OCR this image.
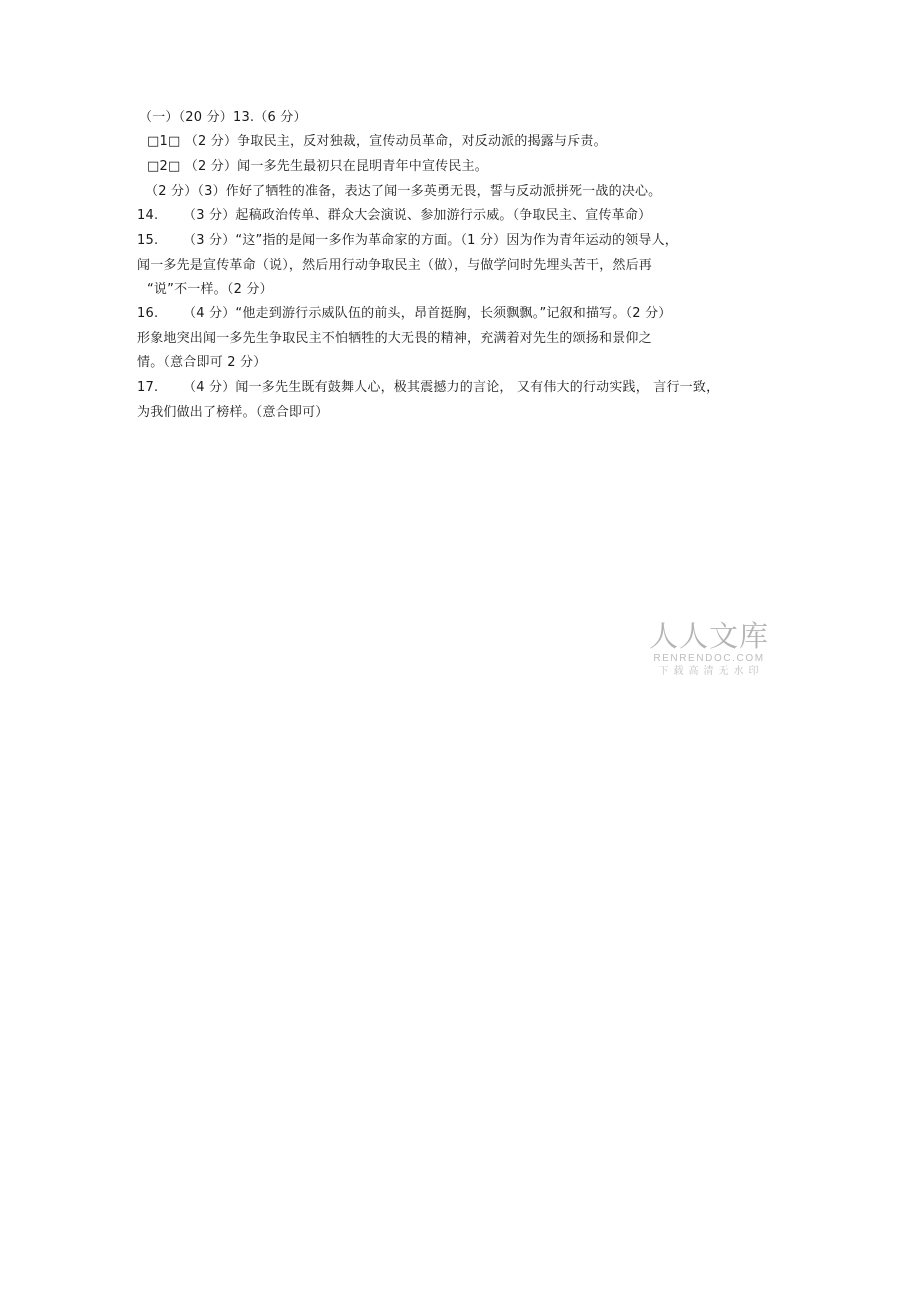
（一）（20 分）13.（6 分）
□1□ （2 分）争取民主，反对独裁，宣传动员革命，对反动派的揭露与斥责。
□2□ （2 分）闻一多先生最初只在昆明青年中宣传民主。
（2 分）（3）作好了牺牲的准备，表达了闻一多英勇无畏，誓与反动派拼死一战的决心。
14. （3 分）起稿政治传单、群众大会演说、参加游行示威。（争取民主、宣传革命）
15. （3 分）“这”指的是闻一多作为革命家的方面。（1 分）因为作为青年运动的领导人，
闻一多先是宣传革命（说），然后用行动争取民主（做），与做学问时先埋头苦干，然后再
“说”不一样。（2 分）
16. （4 分）“他走到游行示威队伍的前头，昂首挺胸，长须飘飘。”记叙和描写。（2 分）
形象地突出闻一多先生争取民主不怕牺牲的大无畏的精神，充满着对先生的颂扬和景仰之
情。（意合即可 2 分）
17. （4 分）闻一多先生既有鼓舞人心，极其震撼力的言论， 又有伟大的行动实践， 言行一致，
为我们做出了榜样。（意合即可）
人人文库
RENRENDOC.COM
下载高清无水印
